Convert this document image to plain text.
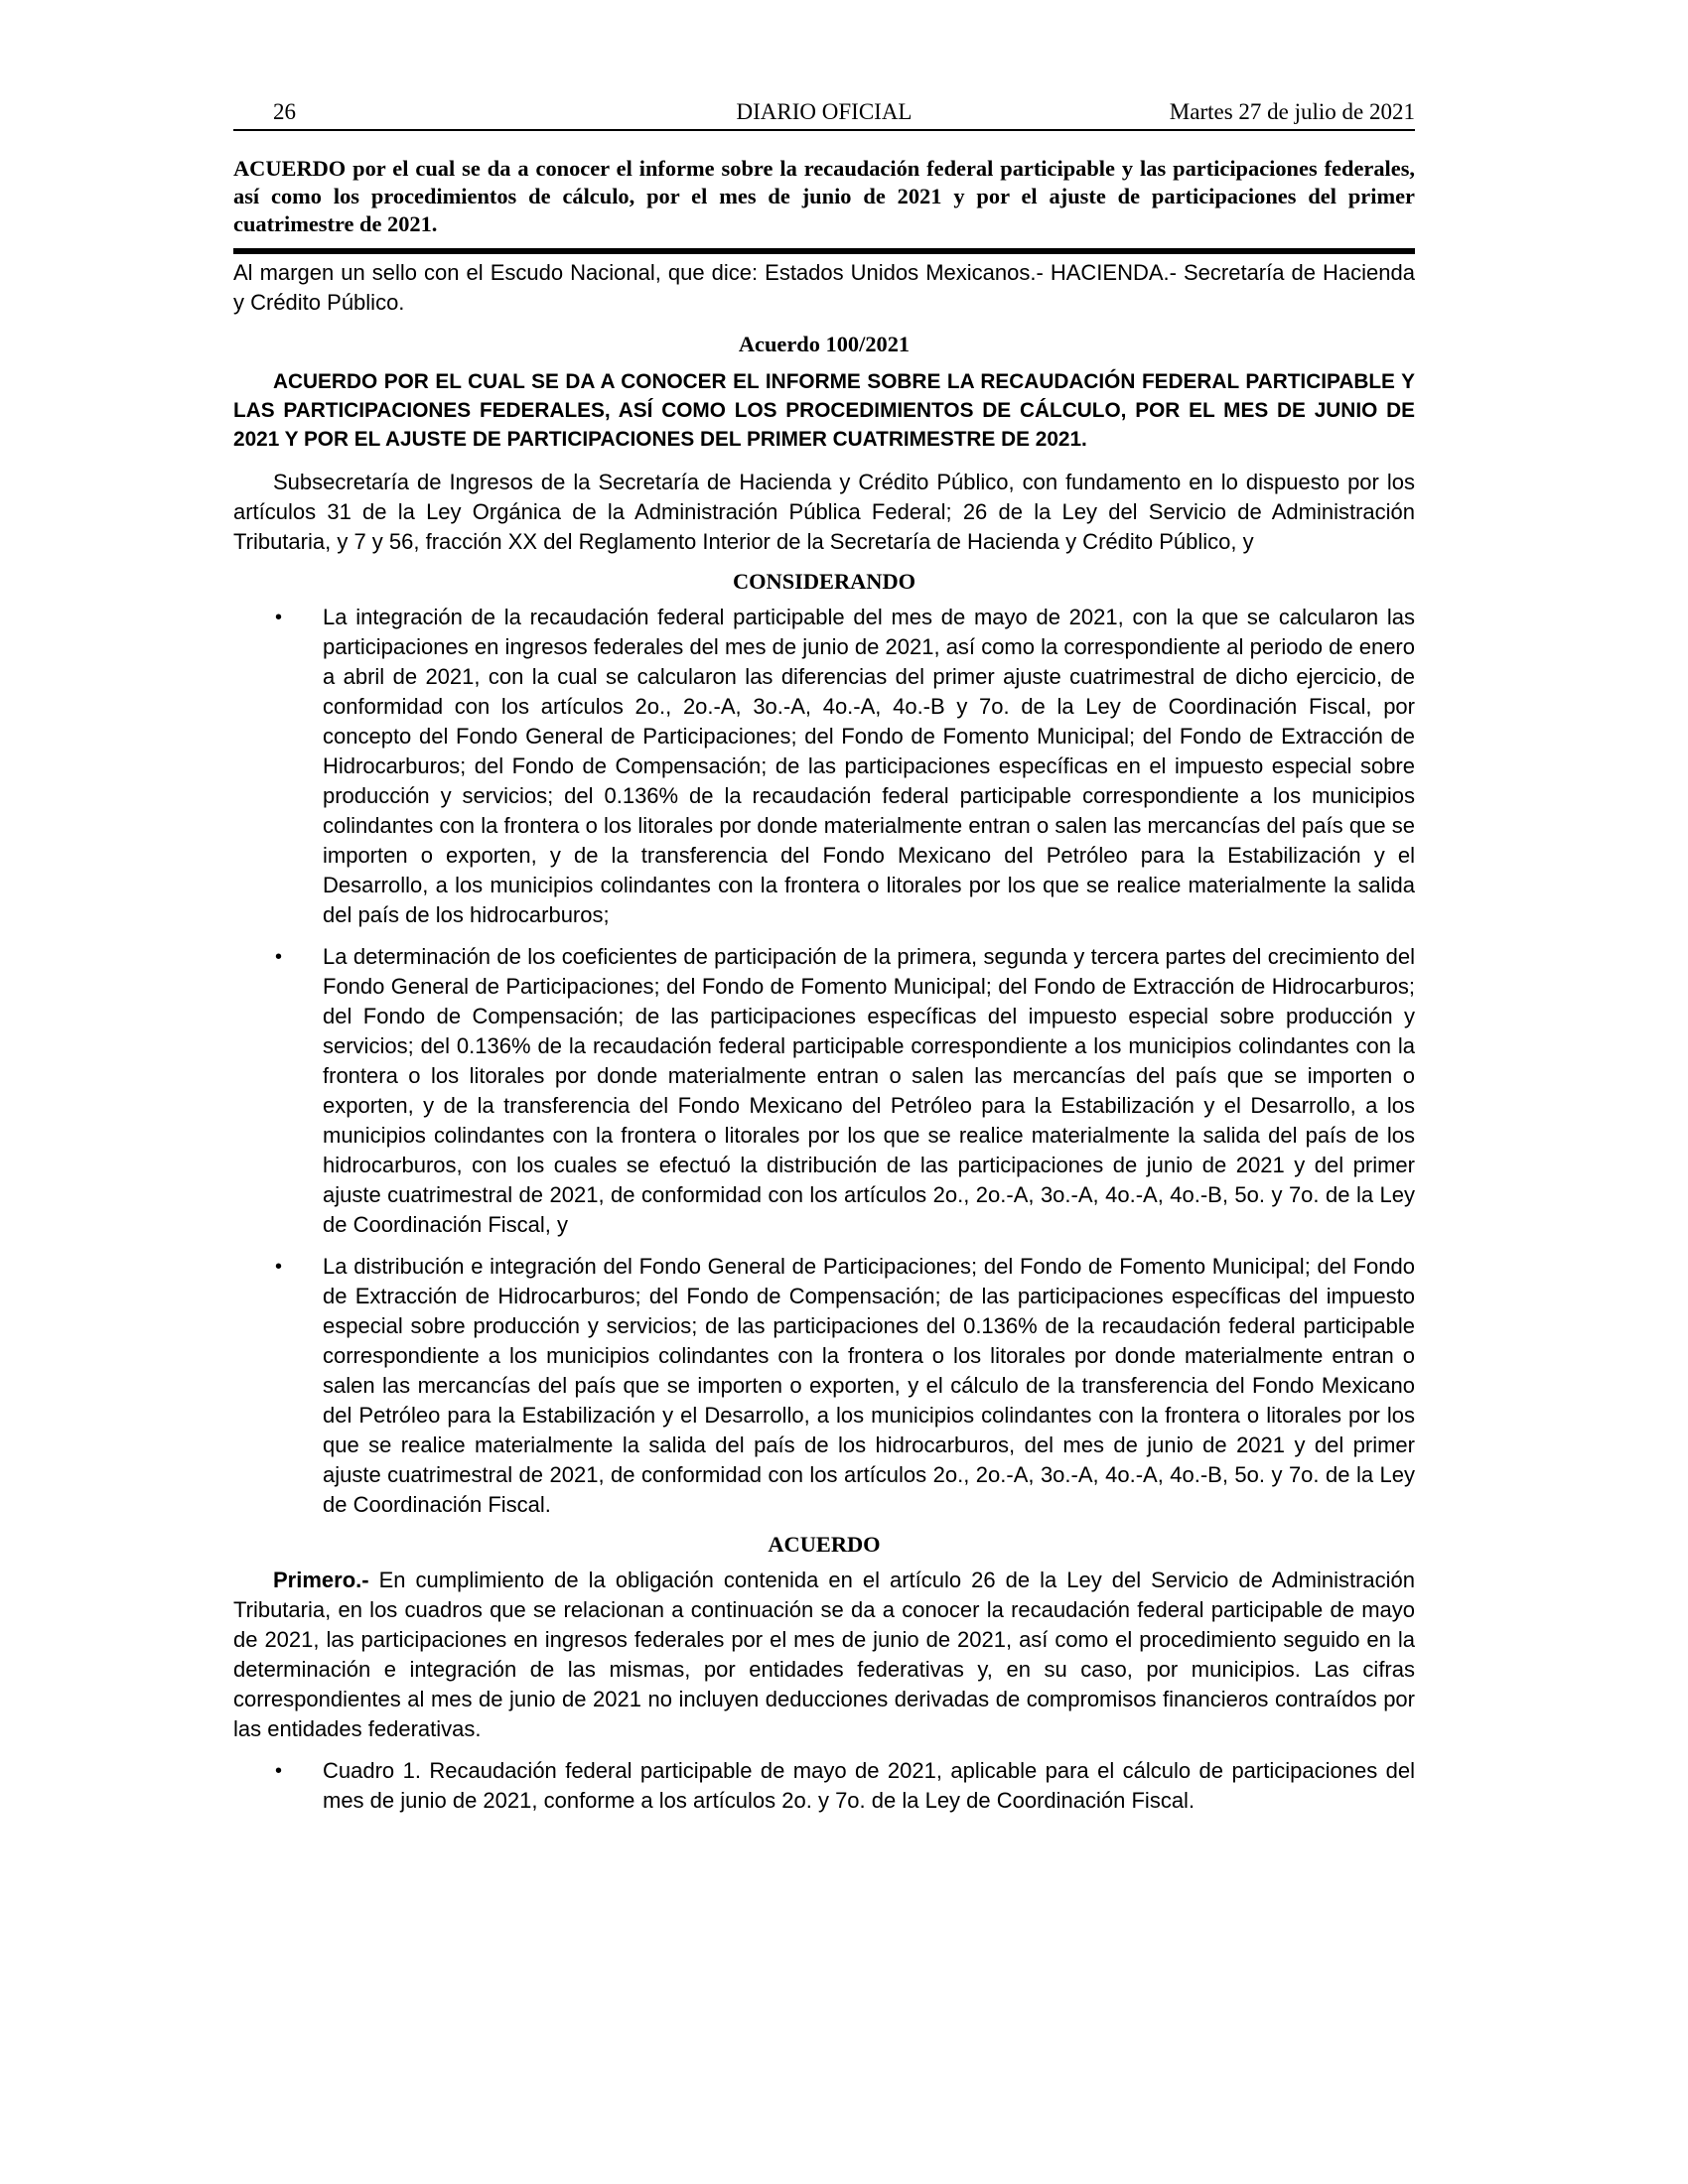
26	DIARIO OFICIAL	Martes 27 de julio de 2021

ACUERDO por el cual se da a conocer el informe sobre la recaudación federal participable y las participaciones federales, así como los procedimientos de cálculo, por el mes de junio de 2021 y por el ajuste de participaciones del primer cuatrimestre de 2021.

Al margen un sello con el Escudo Nacional, que dice: Estados Unidos Mexicanos.- HACIENDA.- Secretaría de Hacienda y Crédito Público.

Acuerdo 100/2021

ACUERDO POR EL CUAL SE DA A CONOCER EL INFORME SOBRE LA RECAUDACIÓN FEDERAL PARTICIPABLE Y LAS PARTICIPACIONES FEDERALES, ASÍ COMO LOS PROCEDIMIENTOS DE CÁLCULO, POR EL MES DE JUNIO DE 2021 Y POR EL AJUSTE DE PARTICIPACIONES DEL PRIMER CUATRIMESTRE DE 2021.

Subsecretaría de Ingresos de la Secretaría de Hacienda y Crédito Público, con fundamento en lo dispuesto por los artículos 31 de la Ley Orgánica de la Administración Pública Federal; 26 de la Ley del Servicio de Administración Tributaria, y 7 y 56, fracción XX del Reglamento Interior de la Secretaría de Hacienda y Crédito Público, y

CONSIDERANDO
• La integración de la recaudación federal participable del mes de mayo de 2021, con la que se calcularon las participaciones en ingresos federales del mes de junio de 2021, así como la correspondiente al periodo de enero a abril de 2021, con la cual se calcularon las diferencias del primer ajuste cuatrimestral de dicho ejercicio, de conformidad con los artículos 2o., 2o.-A, 3o.-A, 4o.-A, 4o.-B y 7o. de la Ley de Coordinación Fiscal, por concepto del Fondo General de Participaciones; del Fondo de Fomento Municipal; del Fondo de Extracción de Hidrocarburos; del Fondo de Compensación; de las participaciones específicas en el impuesto especial sobre producción y servicios; del 0.136% de la recaudación federal participable correspondiente a los municipios colindantes con la frontera o los litorales por donde materialmente entran o salen las mercancías del país que se importen o exporten, y de la transferencia del Fondo Mexicano del Petróleo para la Estabilización y el Desarrollo, a los municipios colindantes con la frontera o litorales por los que se realice materialmente la salida del país de los hidrocarburos;
• La determinación de los coeficientes de participación de la primera, segunda y tercera partes del crecimiento del Fondo General de Participaciones; del Fondo de Fomento Municipal; del Fondo de Extracción de Hidrocarburos; del Fondo de Compensación; de las participaciones específicas del impuesto especial sobre producción y servicios; del 0.136% de la recaudación federal participable correspondiente a los municipios colindantes con la frontera o los litorales por donde materialmente entran o salen las mercancías del país que se importen o exporten, y de la transferencia del Fondo Mexicano del Petróleo para la Estabilización y el Desarrollo, a los municipios colindantes con la frontera o litorales por los que se realice materialmente la salida del país de los hidrocarburos, con los cuales se efectuó la distribución de las participaciones de junio de 2021 y del primer ajuste cuatrimestral de 2021, de conformidad con los artículos 2o., 2o.-A, 3o.-A, 4o.-A, 4o.-B, 5o. y 7o. de la Ley de Coordinación Fiscal, y
• La distribución e integración del Fondo General de Participaciones; del Fondo de Fomento Municipal; del Fondo de Extracción de Hidrocarburos; del Fondo de Compensación; de las participaciones específicas del impuesto especial sobre producción y servicios; de las participaciones del 0.136% de la recaudación federal participable correspondiente a los municipios colindantes con la frontera o los litorales por donde materialmente entran o salen las mercancías del país que se importen o exporten, y el cálculo de la transferencia del Fondo Mexicano del Petróleo para la Estabilización y el Desarrollo, a los municipios colindantes con la frontera o litorales por los que se realice materialmente la salida del país de los hidrocarburos, del mes de junio de 2021 y del primer ajuste cuatrimestral de 2021, de conformidad con los artículos 2o., 2o.-A, 3o.-A, 4o.-A, 4o.-B, 5o. y 7o. de la Ley de Coordinación Fiscal.
ACUERDO

Primero.- En cumplimiento de la obligación contenida en el artículo 26 de la Ley del Servicio de Administración Tributaria, en los cuadros que se relacionan a continuación se da a conocer la recaudación federal participable de mayo de 2021, las participaciones en ingresos federales por el mes de junio de 2021, así como el procedimiento seguido en la determinación e integración de las mismas, por entidades federativas y, en su caso, por municipios. Las cifras correspondientes al mes de junio de 2021 no incluyen deducciones derivadas de compromisos financieros contraídos por las entidades federativas.

• Cuadro 1. Recaudación federal participable de mayo de 2021, aplicable para el cálculo de participaciones del mes de junio de 2021, conforme a los artículos 2o. y 7o. de la Ley de Coordinación Fiscal.
